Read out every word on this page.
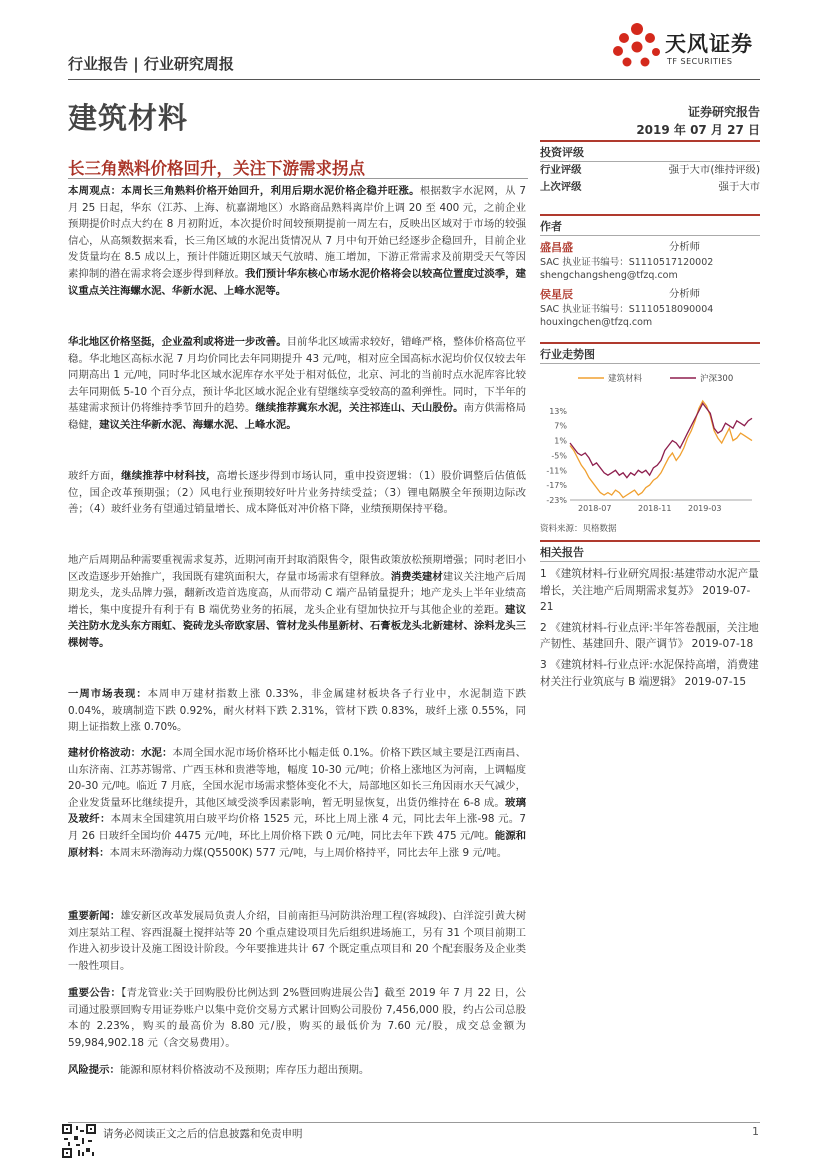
行业报告 | 行业研究周报
建筑材料
天风证券
TF SECURITIES
证券研究报告
2019 年 07 月 27 日
长三角熟料价格回升，关注下游需求拐点
本周观点：本周长三角熟料价格开始回升，利用后期水泥价格企稳并旺涨。根据数字水泥网，从 7 月 25 日起，华东（江苏、上海、杭嘉湖地区）水路商品熟料离岸价上调 20 至 400 元，之前企业预期提价时点大约在 8 月初附近，本次提价时间较预期提前一周左右，反映出区域对于市场的较强信心，从高频数据来看，长三角区域的水泥出货情况从 7 月中旬开始已经逐步企稳回升，目前企业发货量均在 8.5 成以上，预计伴随近期区域天气放晴、施工增加，下游正常需求及前期受天气等因素抑制的潜在需求将会逐步得到释放。我们预计华东核心市场水泥价格将会以较高位置度过淡季，建议重点关注海螺水泥、华新水泥、上峰水泥等。
华北地区价格坚挺，企业盈利或将进一步改善。目前华北区域需求较好，错峰严格，整体价格高位平稳。华北地区高标水泥 7 月均价同比去年同期提升 43 元/吨，相对应全国高标水泥均价仅仅较去年同期高出 1 元/吨，同时华北区域水泥库存水平处于相对低位，北京、河北的当前时点水泥库容比较去年同期低 5-10 个百分点，预计华北区域水泥企业有望继续享受较高的盈利弹性。同时，下半年的基建需求预计仍将维持季节回升的趋势。继续推荐冀东水泥，关注祁连山、天山股份。南方供需格局稳健，建议关注华新水泥、海螺水泥、上峰水泥。
玻纤方面，继续推荐中材科技，高增长逐步得到市场认同，重申投资逻辑：（1）股价调整后估值低位，国企改革预期强；（2）风电行业预期较好叶片业务持续受益；（3）锂电隔膜全年预期边际改善；（4）玻纤业务有望通过销量增长、成本降低对冲价格下降，业绩预期保持平稳。
地产后周期品种需要重视需求复苏，近期河南开封取消限售令，限售政策放松预期增强；同时老旧小区改造逐步开始推广，我国既有建筑面积大，存量市场需求有望释放。消费类建材建议关注地产后周期龙头，龙头品牌力强，翻新改造首选度高，从而带动 C 端产品销量提升；地产龙头上半年业绩高增长，集中度提升有利于有 B 端优势业务的拓展，龙头企业有望加快拉开与其他企业的差距。建议关注防水龙头东方雨虹、瓷砖龙头帝欧家居、管材龙头伟星新材、石膏板龙头北新建材、涂料龙头三棵树等。
一周市场表现：本周申万建材指数上涨 0.33%，非金属建材板块各子行业中，水泥制造下跌 0.04%，玻璃制造下跌 0.92%，耐火材料下跌 2.31%，管材下跌 0.83%，玻纤上涨 0.55%，同期上证指数上涨 0.70%。
建材价格波动：水泥：本周全国水泥市场价格环比小幅走低 0.1%。价格下跌区域主要是江西南昌、山东济南、江苏苏锡常、广西玉林和贵港等地，幅度 10-30 元/吨；价格上涨地区为河南，上调幅度 20-30 元/吨。临近 7 月底，全国水泥市场需求整体变化不大，局部地区如长三角因雨水天气减少，企业发货量环比继续提升，其他区域受淡季因素影响，暂无明显恢复，出货仍维持在 6-8 成。玻璃及玻纤：本周末全国建筑用白玻平均价格 1525 元，环比上周上涨 4 元，同比去年上涨-98 元。7 月 26 日玻纤全国均价 4475 元/吨，环比上周价格下跌 0 元/吨，同比去年下跌 475 元/吨。能源和原材料：本周末环渤海动力煤(Q5500K) 577 元/吨，与上周价格持平，同比去年上涨 9 元/吨。
重要新闻：雄安新区改革发展局负责人介绍，目前南拒马河防洪治理工程(容城段)、白洋淀引黄大树刘庄泵站工程、容西混凝土搅拌站等 20 个重点建设项目先后组织进场施工，另有 31 个项目前期工作进入初步设计及施工图设计阶段。今年要推进共计 67 个既定重点项目和 20 个配套服务及企业类一般性项目。
重要公告：【青龙管业:关于回购股份比例达到 2%暨回购进展公告】截至 2019 年 7 月 22 日，公司通过股票回购专用证券账户以集中竞价交易方式累计回购公司股份 7,456,000 股，约占公司总股本的 2.23%，购买的最高价为 8.80 元/股，购买的最低价为 7.60 元/股，成交总金额为 59,984,902.18 元（含交易费用）。
风险提示：能源和原材料价格波动不及预期；库存压力超出预期。
投资评级
行业评级	强于大市(维持评级)
上次评级	强于大市
作者
盛昌盛	分析师
SAC 执业证书编号：S1110517120002
shengchangsheng@tfzq.com
侯星辰	分析师
SAC 执业证书编号：S1110518090004
houxingchen@tfzq.com
行业走势图
建筑材料	沪深300
13%
7%
1%
-5%
-11%
-17%
-23%
2018-07	2018-11 2019-03
资料来源：贝格数据
相关报告
1 《建筑材料-行业研究周报:基建带动水泥产量增长，关注地产后周期需求复苏》 2019-07-21
2 《建筑材料-行业点评:半年答卷靓丽，关注地产韧性、基建回升、限产调节》 2019-07-18
3 《建筑材料-行业点评:水泥保持高增，消费建材关注行业筑底与 B 端逻辑》 2019-07-15
请务必阅读正文之后的信息披露和免责申明	1
